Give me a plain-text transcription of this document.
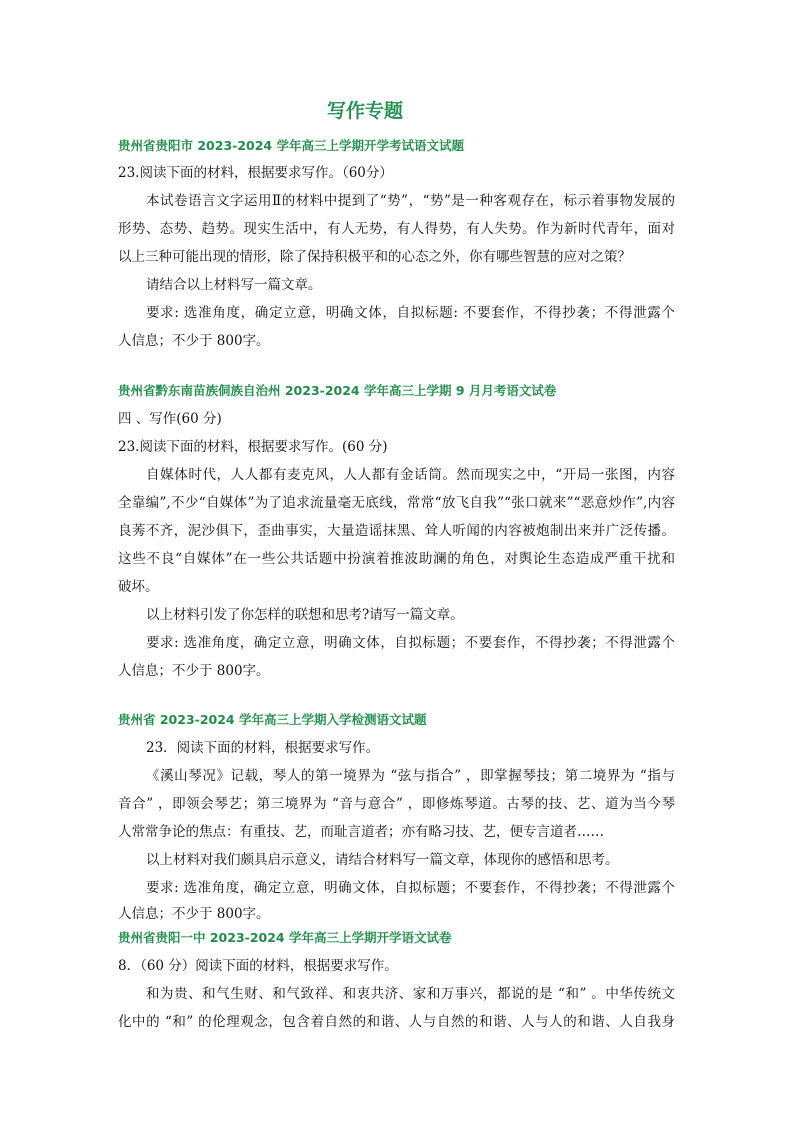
写作专题
贵州省贵阳市 2023-2024 学年高三上学期开学考试语文试题
23.阅读下面的材料，根据要求写作。（60分）
本试卷语言文字运用Ⅱ的材料中提到了“势”，“势”是一种客观存在，标示着事物发展的
形势、态势、趋势。现实生活中，有人无势，有人得势，有人失势。作为新时代青年，面对
以上三种可能出现的情形，除了保持积极平和的心态之外，你有哪些智慧的应对之策？
请结合以上材料写一篇文章。
要求: 选准角度，确定立意，明确文体，自拟标题: 不要套作，不得抄袭；不得泄露个
人信息；不少于 800字。
贵州省黔东南苗族侗族自治州 2023-2024 学年高三上学期 9 月月考语文试卷
四 、写作(60 分)
23.阅读下面的材料，根据要求写作。(60 分)
自媒体时代，人人都有麦克风，人人都有金话筒。然而现实之中，“开局一张图，内容
全靠编”,不少“自媒体”为了追求流量毫无底线，常常“放飞自我”“张口就来”“恶意炒作”,内容
良莠不齐，泥沙俱下，歪曲事实，大量造谣抹黑、耸人听闻的内容被炮制出来并广泛传播。
这些不良“自媒体”在一些公共话题中扮演着推波助澜的角色，对舆论生态造成严重干扰和
破坏。
以上材料引发了你怎样的联想和思考?请写一篇文章。
要求: 选准角度，确定立意，明确文体，自拟标题；不要套作，不得抄袭；不得泄露个
人信息；不少于 800字。
贵州省 2023-2024 学年高三上学期入学检测语文试题
23．阅读下面的材料，根据要求写作。
《溪山琴况》记载，琴人的第一境界为 “弦与指合” ，即掌握琴技；第二境界为 “指与
音合” ，即领会琴艺；第三境界为 “音与意合” ，即修炼琴道。古琴的技、艺、道为当今琴
人常常争论的焦点：有重技、艺，而耻言道者；亦有略习技、艺，便专言道者……
以上材料对我们颇具启示意义，请结合材料写一篇文章，体现你的感悟和思考。
要求: 选准角度，确定立意，明确文体，自拟标题；不要套作，不得抄袭；不得泄露个
人信息；不少于 800字。
贵州省贵阳一中 2023-2024 学年高三上学期开学语文试卷
8．（60 分）阅读下面的材料，根据要求写作。
和为贵、和气生财、和气致祥、和衷共济、家和万事兴，都说的是 “和” 。中华传统文
化中的 “和” 的伦理观念，包含着自然的和谐、人与自然的和谐、人与人的和谐、人自我身
